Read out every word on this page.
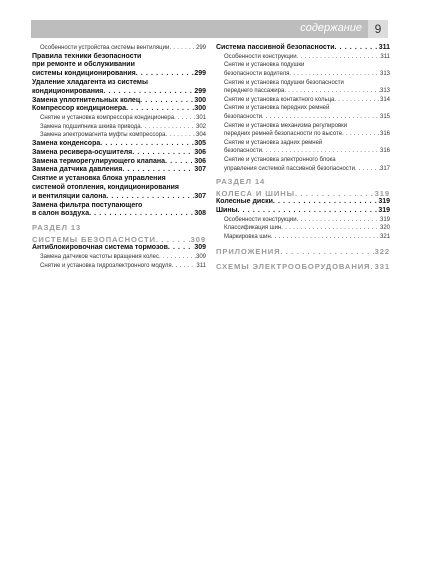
содержание	9
Особенности устройства системы вентиляции . . .	299
Правила техники безопасности
при ремонте и обслуживании
системы кондиционирования . . .	299
Удаление хладагента из системы
кондиционирования . . .	299
Замена уплотнительных колец . . .	300
Компрессор кондиционера . . .	300
Снятие и установка компрессора кондиционера . . .	301
Замена подшипника шкива привода . . .	302
Замена электромагнита муфты компрессора . . .	304
Замена конденсора . . .	305
Замена ресивера-осушителя . . .	306
Замена терморегулирующего клапана . . .	306
Замена датчика давления . . .	307
Снятие и установка блока управления
системой отопления, кондиционирования
и вентиляции салона . . .	307
Замена фильтра поступающего
в салон воздуха . . .	308
РАЗДЕЛ 13
СИСТЕМЫ БЕЗОПАСНОСТИ . . .	309
Антиблокировочная система тормозов . . .	309
Замена датчиков частоты вращения колес . . .	309
Снятие и установка гидроэлектронного модуля . . .	311
Система пассивной безопасности . . .	311
Особенности конструкции . . .	311
Снятие и установка подушки
безопасности водителя . . .	313
Снятие и установка подушки безопасности
переднего пассажира . . .	313
Снятие и установка контактного кольца . . .	314
Снятие и установка передних ремней
безопасности . . .	315
Снятие и установка механизма регулировки
передних ремней безопасности по высоте . . .	316
Снятие и установка задних ремней
безопасности . . .	316
Снятие и установка электронного блока
управления системой пассивной безопасности . . .	317
РАЗДЕЛ 14
КОЛЕСА И ШИНЫ . . .	319
Колесные диски . . .	319
Шины . . .	319
Особенности конструкции . . .	319
Классификация шин . . .	320
Маркировка шин . . .	321
ПРИЛОЖЕНИЯ . . .	322
СХЕМЫ ЭЛЕКТРООБОРУДОВАНИЯ . . . 331
